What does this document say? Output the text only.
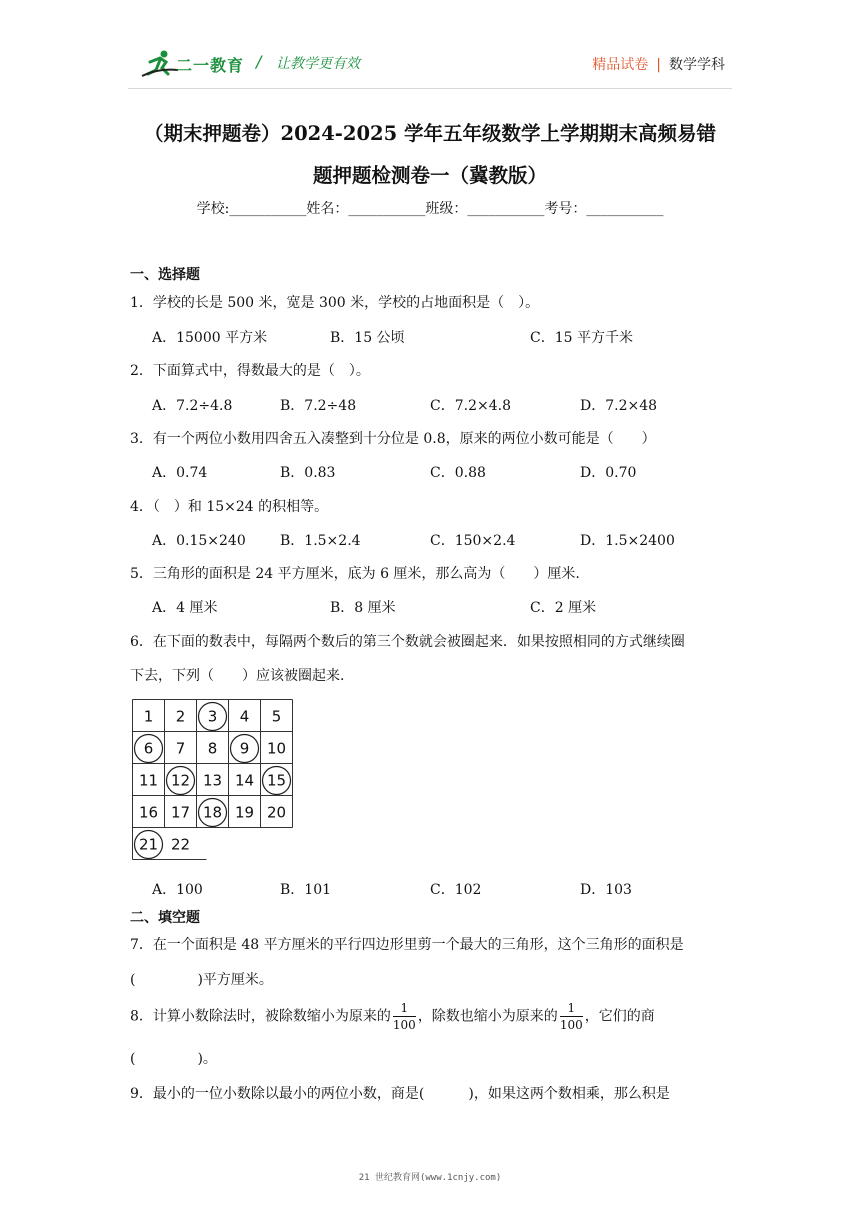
二一教育 / 让教学更有效	精品试卷 | 数学学科
（期末押题卷）2024-2025 学年五年级数学上学期期末高频易错
题押题检测卷一（冀教版）
学校:___________姓名：___________班级：___________考号：___________
一、选择题
1．学校的长是 500 米，宽是 300 米，学校的占地面积是（　）。
A．15000 平方米	B．15 公顷	C．15 平方千米
2．下面算式中，得数最大的是（　）。
A．7.2÷4.8	B．7.2÷48	C．7.2×4.8	D．7.2×48
3．有一个两位小数用四舍五入凑整到十分位是 0.8，原来的两位小数可能是（　　）
A．0.74	B．0.83	C．0.88	D．0.70
4．（　）和 15×24 的积相等。
A．0.15×240 B．1.5×2.4	C．150×2.4	D．1.5×2400
5．三角形的面积是 24 平方厘米，底为 6 厘米，那么高为（　　）厘米.
A．4 厘米	B．8 厘米	C．2 厘米
6．在下面的数表中，每隔两个数后的第三个数就会被圈起来．如果按照相同的方式继续圈
下去，下列（　　）应该被圈起来.
1 2 3 4 5
6 7 8 9 10
11 12 13 14 15
16 17 18 19 20
21 22
A．100	B．101	C．102	D．103
二、填空题
7．在一个面积是 48 平方厘米的平行四边形里剪一个最大的三角形，这个三角形的面积是
(	)平方厘米。
8．计算小数除法时，被除数缩小为原来的 $\frac{1}{100}$ ，除数也缩小为原来的 $\frac{1}{100}$ ，它们的商
(	)。
9．最小的一位小数除以最小的两位小数，商是(	)，如果这两个数相乘，那么积是
21 世纪教育网(www.1cnjy.com)
